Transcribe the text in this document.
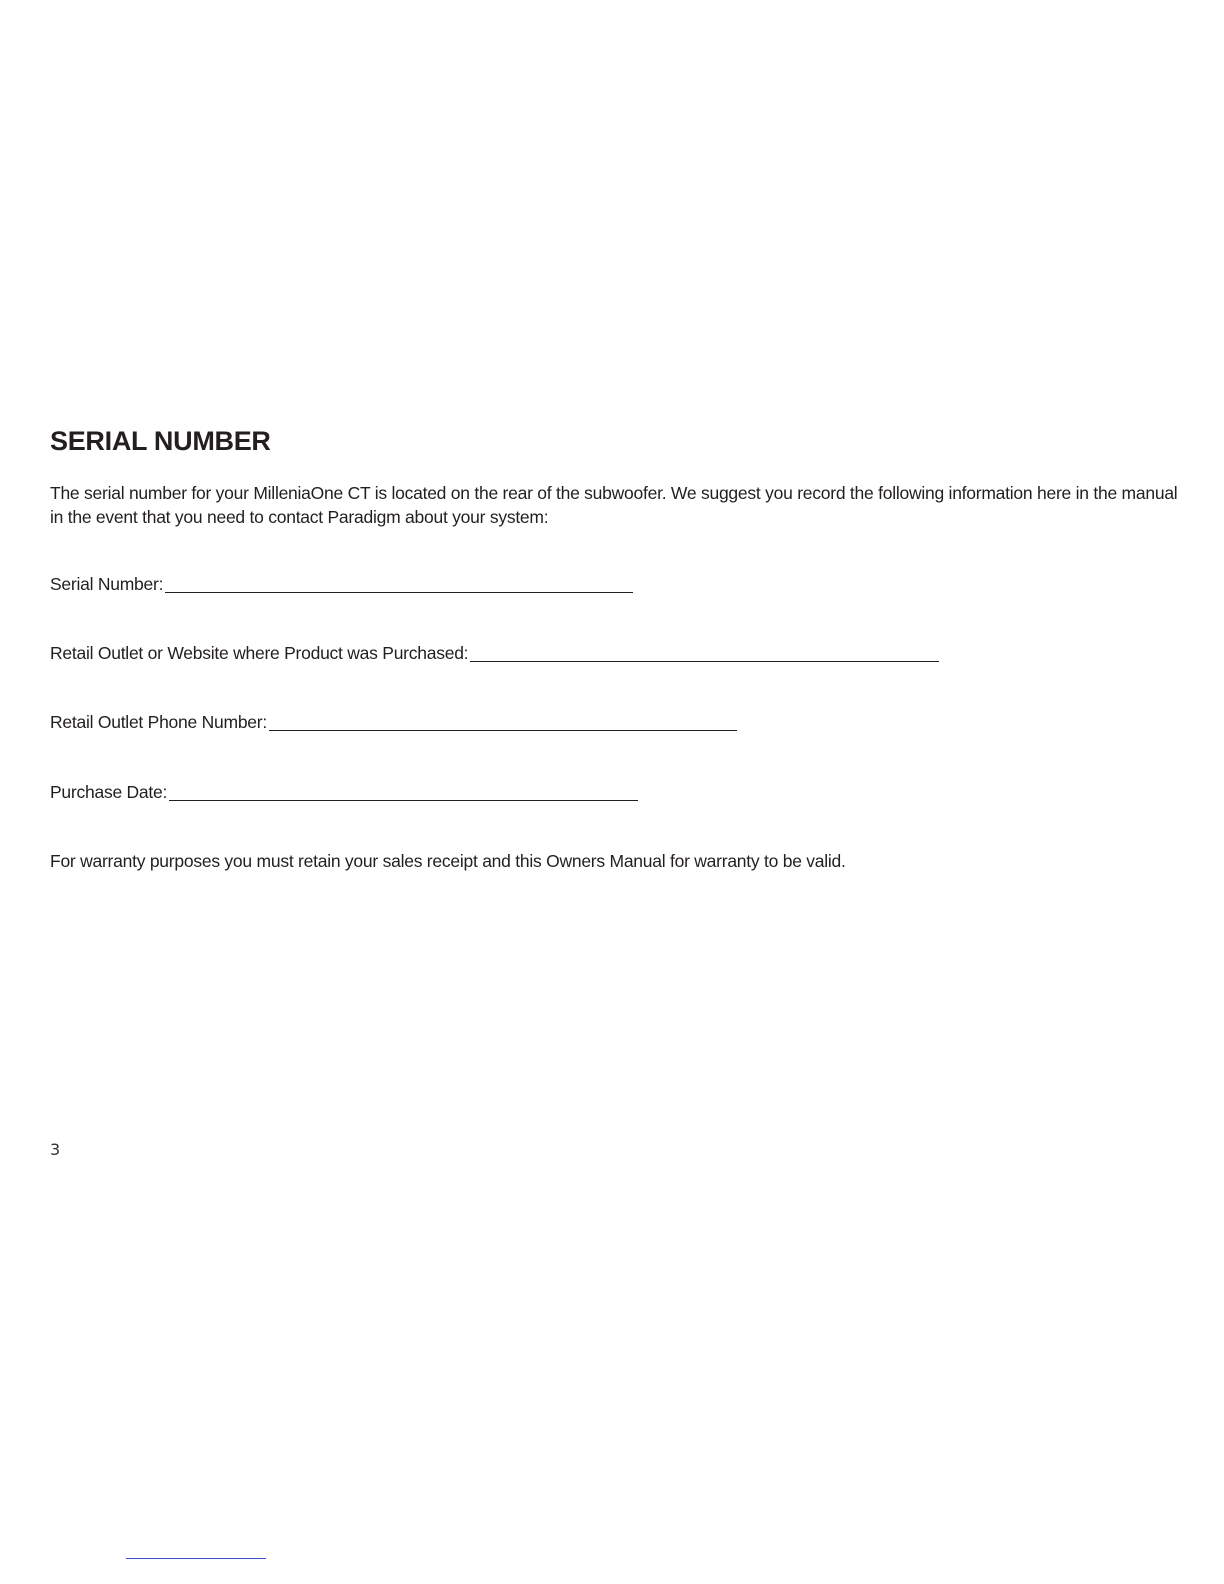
SERIAL NUMBER

The serial number for your MilleniaOne CT is located on the rear of the subwoofer. We suggest you record the following information here in the manual in the event that you need to contact Paradigm about your system:

Serial Number:
Retail Outlet or Website where Product was Purchased:
Retail Outlet Phone Number:
Purchase Date:

For warranty purposes you must retain your sales receipt and this Owners Manual for warranty to be valid.

3
